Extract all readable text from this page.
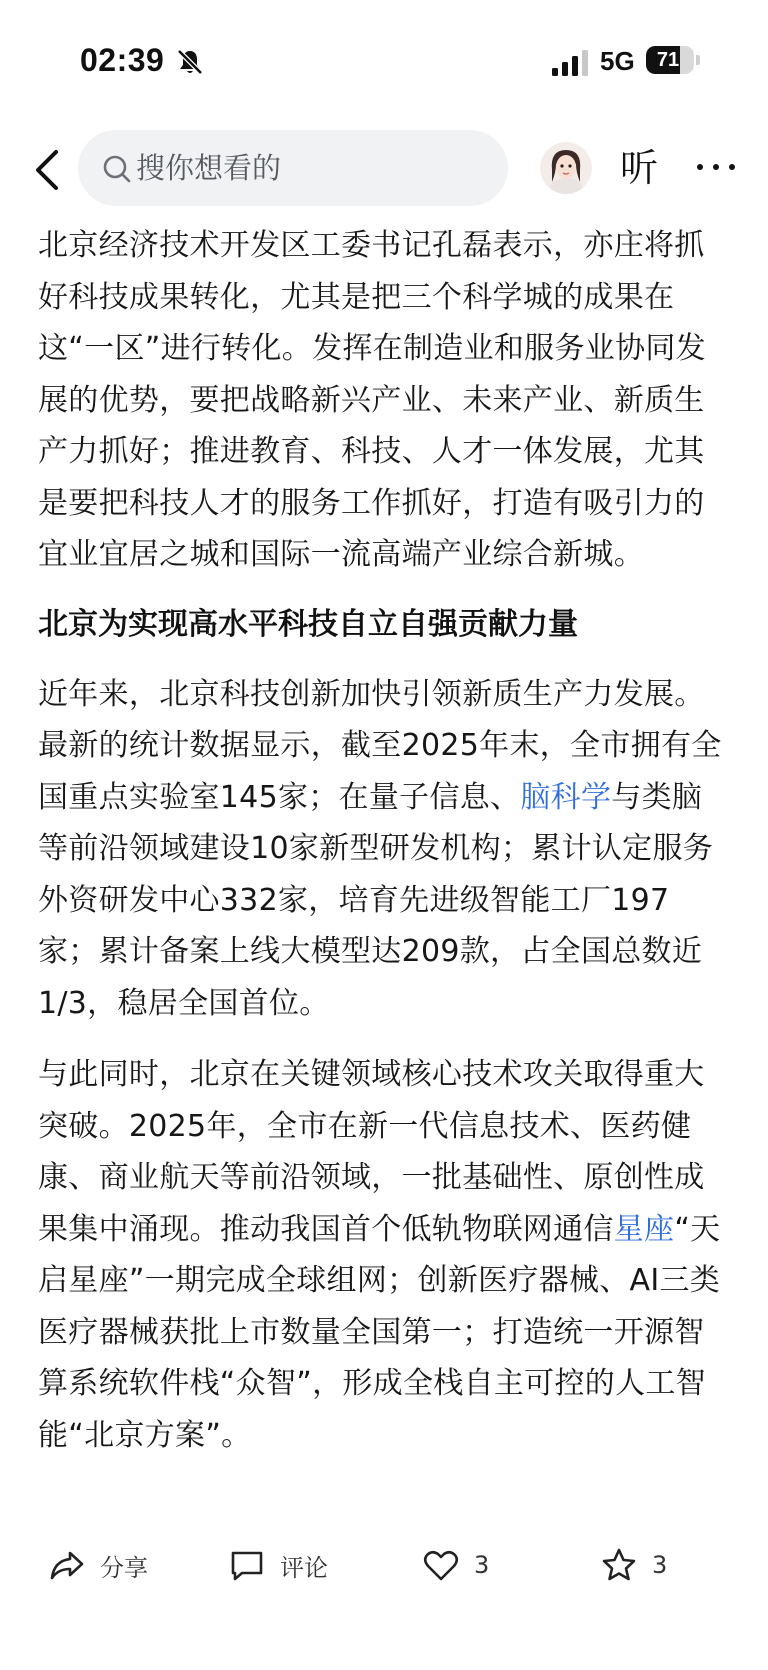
02:39	5G	71
搜你想看的	听

北京经济技术开发区工委书记孔磊表示，亦庄将抓好科技成果转化，尤其是把三个科学城的成果在这“一区”进行转化。发挥在制造业和服务业协同发展的优势，要把战略新兴产业、未来产业、新质生产力抓好；推进教育、科技、人才一体发展，尤其是要把科技人才的服务工作抓好，打造有吸引力的宜业宜居之城和国际一流高端产业综合新城。

北京为实现高水平科技自立自强贡献力量

近年来，北京科技创新加快引领新质生产力发展。最新的统计数据显示，截至2025年末，全市拥有全国重点实验室145家；在量子信息、脑科学与类脑等前沿领域建设10家新型研发机构；累计认定服务外资研发中心332家，培育先进级智能工厂197家；累计备案上线大模型达209款，占全国总数近1/3，稳居全国首位。

与此同时，北京在关键领域核心技术攻关取得重大突破。2025年，全市在新一代信息技术、医药健康、商业航天等前沿领域，一批基础性、原创性成果集中涌现。推动我国首个低轨物联网通信星座“天启星座”一期完成全球组网；创新医疗器械、AI三类医疗器械获批上市数量全国第一；打造统一开源智算系统软件栈“众智”，形成全栈自主可控的人工智能“北京方案”。

分享	评论	3	3
